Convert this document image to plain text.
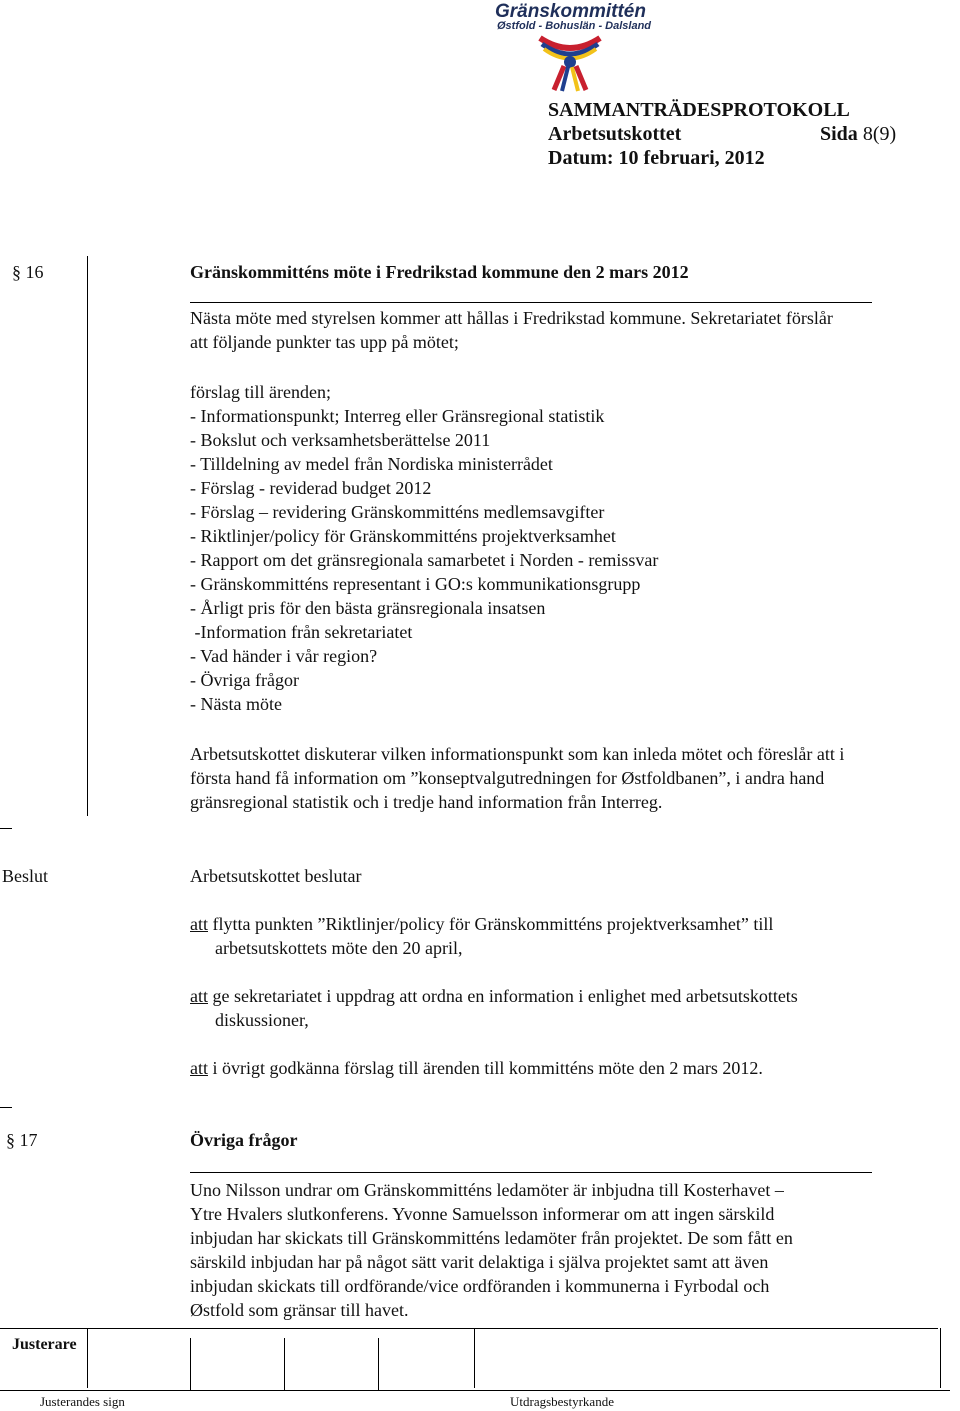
Gränskommittén
Østfold - Bohuslän - Dalsland
SAMMANTRÄDESPROTOKOLL
Arbetsutskottet	Sida 8(9)
Datum: 10 februari, 2012
§ 16	Gränskommitténs möte i Fredrikstad kommune den 2 mars 2012
Nästa möte med styrelsen kommer att hållas i Fredrikstad kommune. Sekretariatet förslår
att följande punkter tas upp på mötet;
förslag till ärenden;
- Informationspunkt; Interreg eller Gränsregional statistik
- Bokslut och verksamhetsberättelse 2011
- Tilldelning av medel från Nordiska ministerrådet
- Förslag - reviderad budget 2012
- Förslag – revidering Gränskommitténs medlemsavgifter
- Riktlinjer/policy för Gränskommitténs projektverksamhet
- Rapport om det gränsregionala samarbetet i Norden - remissvar
- Gränskommitténs representant i GO:s kommunikationsgrupp
- Årligt pris för den bästa gränsregionala insatsen
-Information från sekretariatet
- Vad händer i vår region?
- Övriga frågor
- Nästa möte
Arbetsutskottet diskuterar vilken informationspunkt som kan inleda mötet och föreslår att i
första hand få information om ”konseptvalgutredningen for Østfoldbanen”, i andra hand
gränsregional statistik och i tredje hand information från Interreg.
Beslut	Arbetsutskottet beslutar
att flytta punkten ”Riktlinjer/policy för Gränskommitténs projektverksamhet” till
arbetsutskottets möte den 20 april,
att ge sekretariatet i uppdrag att ordna en information i enlighet med arbetsutskottets
diskussioner,
att i övrigt godkänna förslag till ärenden till kommitténs möte den 2 mars 2012.
§ 17	Övriga frågor
Uno Nilsson undrar om Gränskommitténs ledamöter är inbjudna till Kosterhavet –
Ytre Hvalers slutkonferens. Yvonne Samuelsson informerar om att ingen särskild
inbjudan har skickats till Gränskommitténs ledamöter från projektet. De som fått en
särskild inbjudan har på något sätt varit delaktiga i själva projektet samt att även
inbjudan skickats till ordförande/vice ordföranden i kommunerna i Fyrbodal och
Østfold som gränsar till havet.
Justerare
Justerandes sign	Utdragsbestyrkande
